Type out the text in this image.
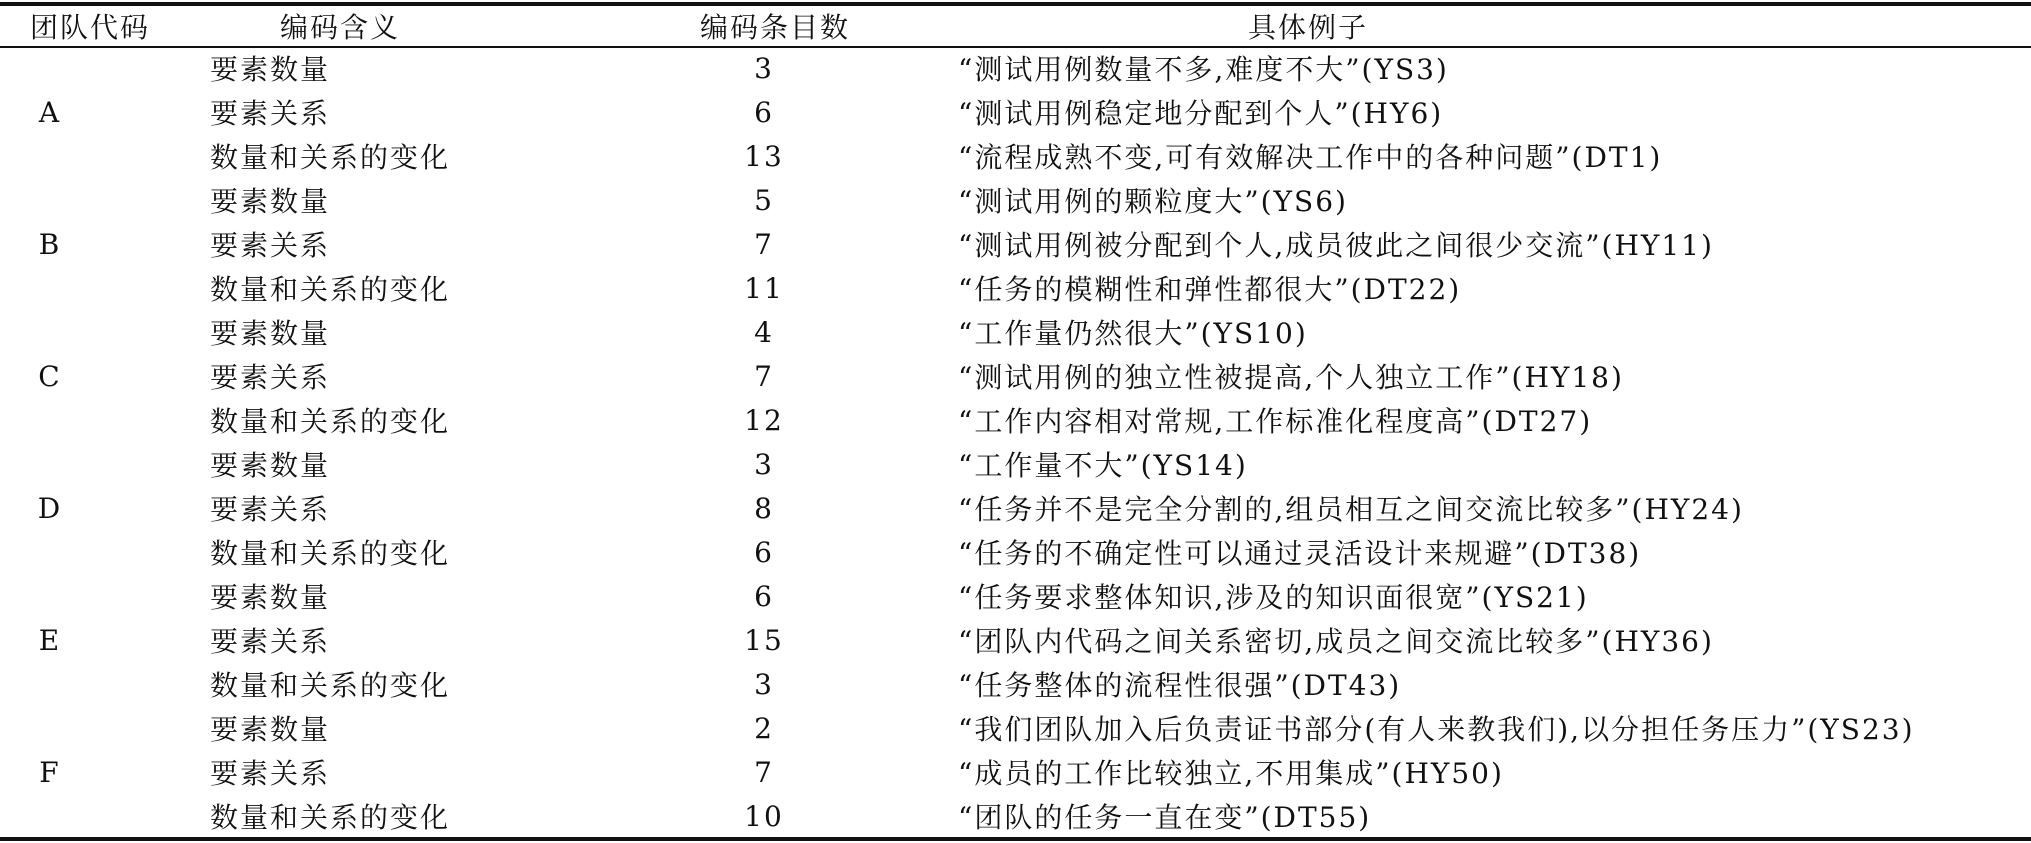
团队代码	编码含义	编码条目数	具体例子
A	要素数量	3	“测试用例数量不多,难度不大”(YS3)
	要素关系	6	“测试用例稳定地分配到个人”(HY6)
	数量和关系的变化	13	“流程成熟不变,可有效解决工作中的各种问题”(DT1)
B	要素数量	5	“测试用例的颗粒度大”(YS6)
	要素关系	7	“测试用例被分配到个人,成员彼此之间很少交流”(HY11)
	数量和关系的变化	11	“任务的模糊性和弹性都很大”(DT22)
C	要素数量	4	“工作量仍然很大”(YS10)
	要素关系	7	“测试用例的独立性被提高,个人独立工作”(HY18)
	数量和关系的变化	12	“工作内容相对常规,工作标准化程度高”(DT27)
D	要素数量	3	“工作量不大”(YS14)
	要素关系	8	“任务并不是完全分割的,组员相互之间交流比较多”(HY24)
	数量和关系的变化	6	“任务的不确定性可以通过灵活设计来规避”(DT38)
E	要素数量	6	“任务要求整体知识,涉及的知识面很宽”(YS21)
	要素关系	15	“团队内代码之间关系密切,成员之间交流比较多”(HY36)
	数量和关系的变化	3	“任务整体的流程性很强”(DT43)
F	要素数量	2	“我们团队加入后负责证书部分(有人来教我们),以分担任务压力”(YS23)
	要素关系	7	“成员的工作比较独立,不用集成”(HY50)
	数量和关系的变化	10	“团队的任务一直在变”(DT55)
